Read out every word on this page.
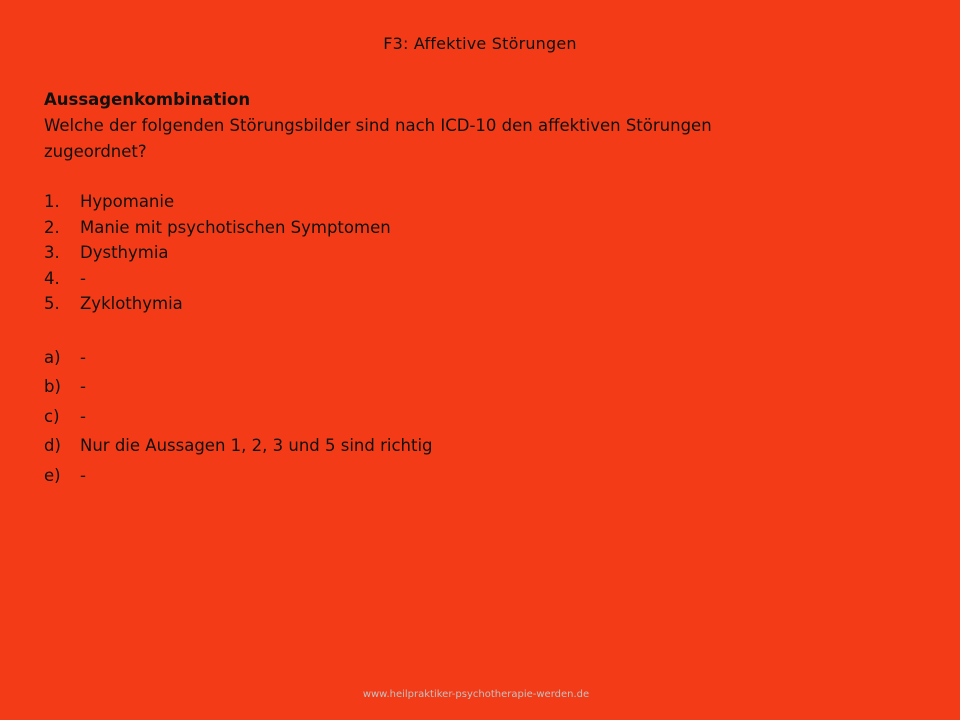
F3: Affektive Störungen
Aussagenkombination
Welche der folgenden Störungsbilder sind nach ICD-10 den affektiven Störungen zugeordnet?
1.	Hypomanie
2.	Manie mit psychotischen Symptomen
3.	Dysthymia
4.	-
5.	Zyklothymia
a)	-
b)	-
c)	-
d)	Nur die Aussagen 1, 2, 3 und 5 sind richtig
e)	-
www.heilpraktiker-psychotherapie-werden.de
